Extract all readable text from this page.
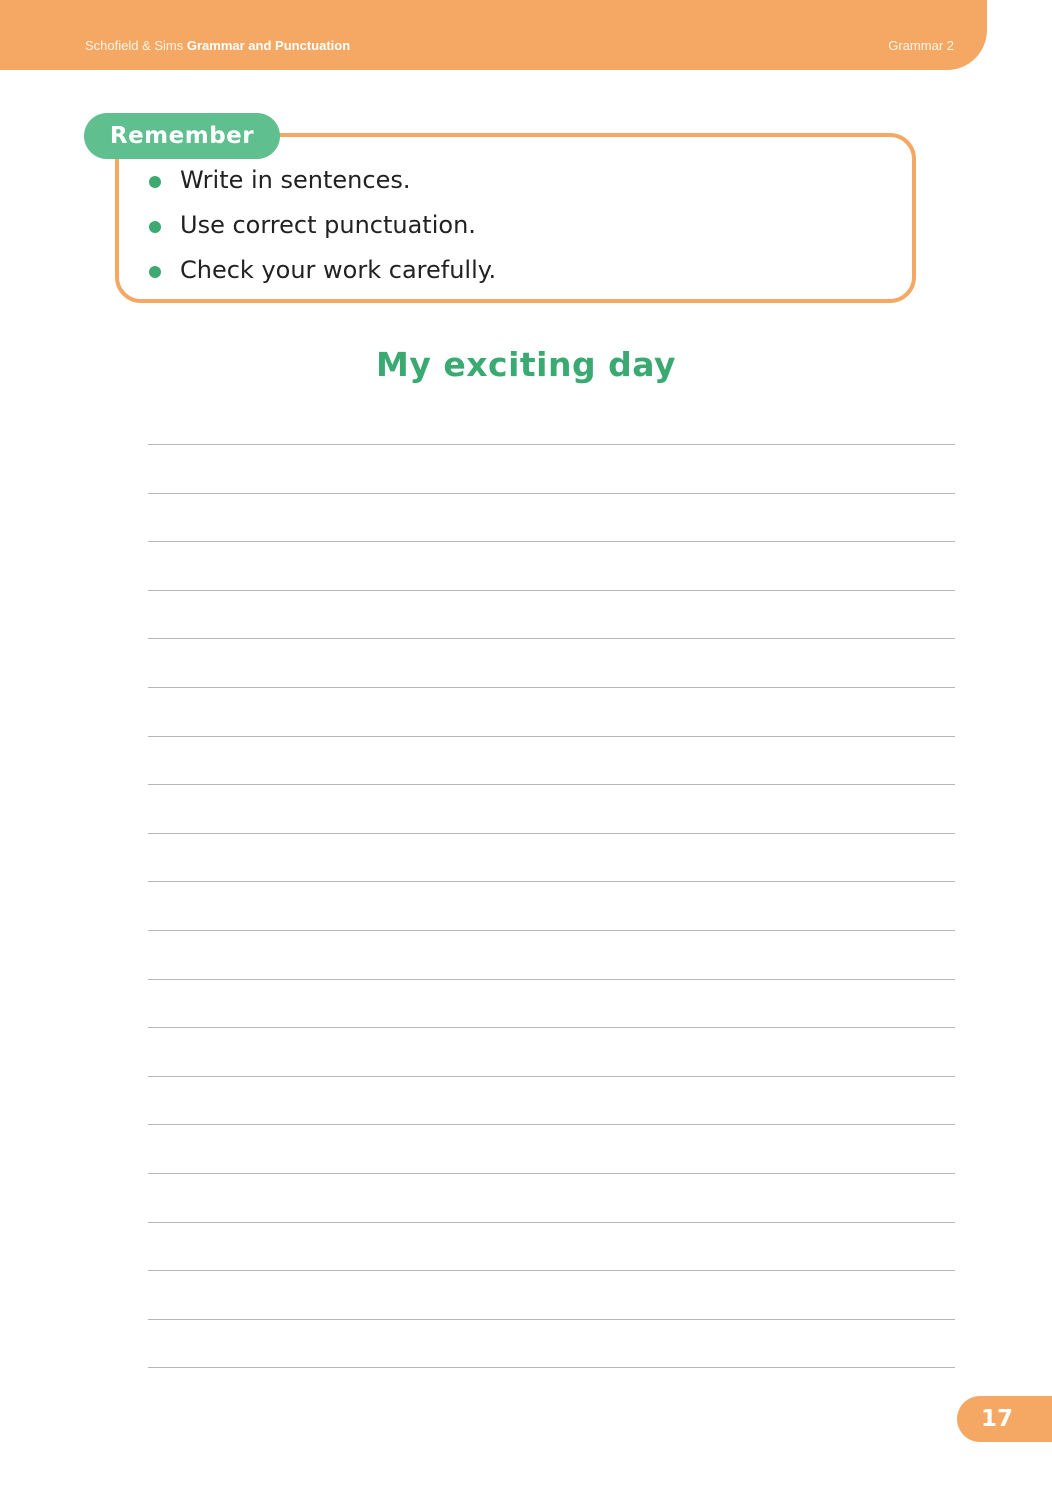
Schofield & Sims Grammar and Punctuation	Grammar 2
Remember
Write in sentences.
Use correct punctuation.
Check your work carefully.
My exciting day
17
